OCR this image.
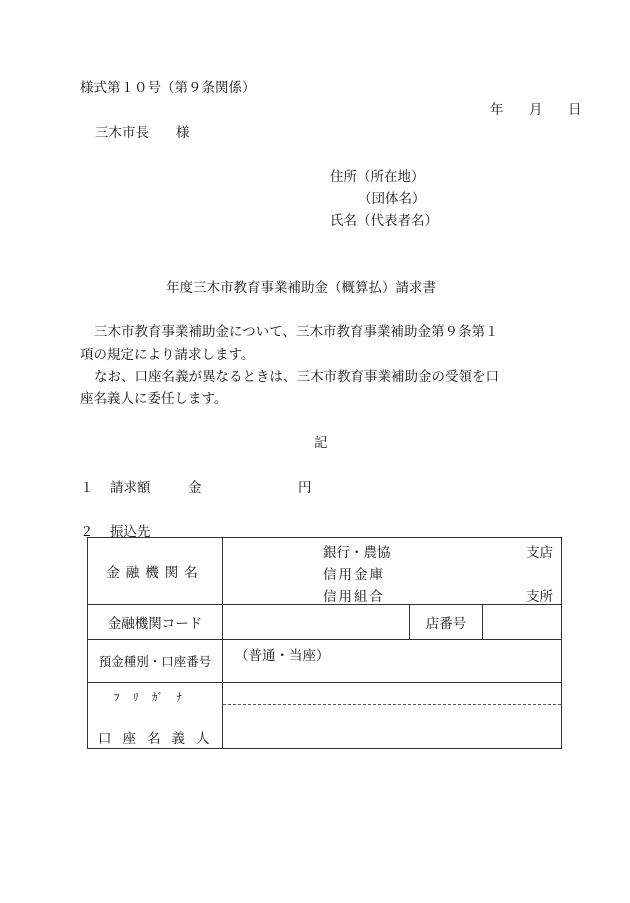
様式第１０号（第９条関係）
年　月　日
三木市長　　様
住所（所在地）
（団体名）
氏名（代表者名）
年度三木市教育事業補助金（概算払）請求書
三木市教育事業補助金について、三木市教育事業補助金第９条第１
項の規定により請求します。
なお、口座名義が異なるときは、三木市教育事業補助金の受領を口
座名義人に委任します。
記
１ 請求額	金	円
２ 振込先
金融機関名	銀行・農協 支店
信用金庫
信用組合 支所		

金融機関コード		店番号	
預金種別・口座番号	（普通・当座）		

ﾌ ﾘ ｶﾞ ﾅ
口座名義人			
